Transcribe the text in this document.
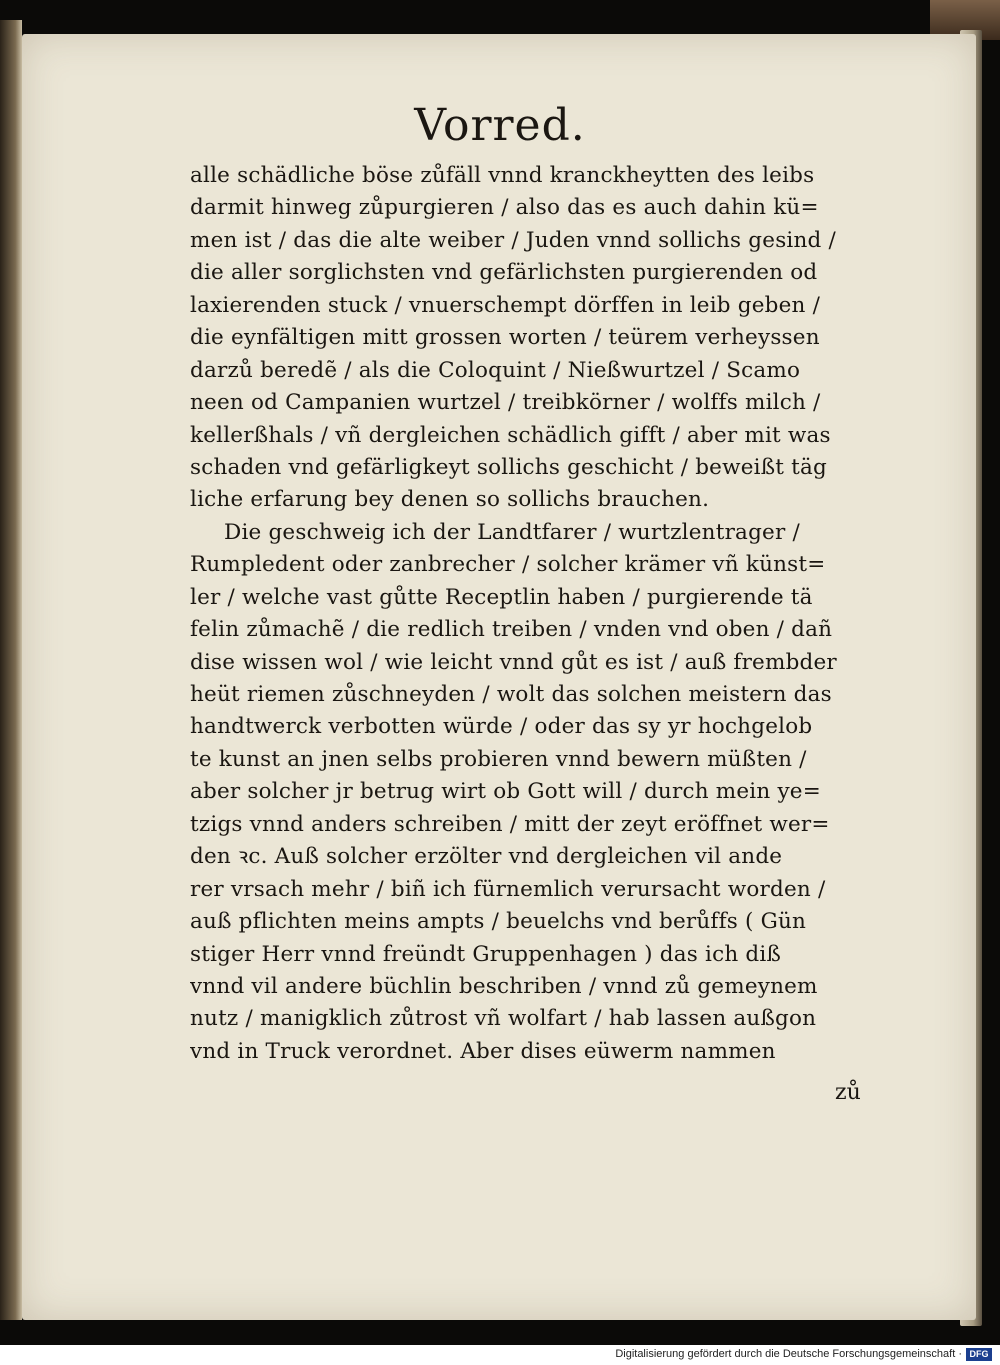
Vorred.
alle schädliche böse zůfäll vnnd kranckheytten des leibs
darmit hinweg zůpurgieren / also das es auch dahin kü=
men ist / das die alte weiber / Juden vnnd sollichs gesind /
die aller sorglichsten vnd gefärlichsten purgierenden od
laxierenden stuck / vnuerschempt dörffen in leib geben /
die eynfältigen mitt grossen worten / teürem verheyssen
darzů beredẽ / als die Coloquint / Nießwurtzel / Scamo
neen od Campanien wurtzel / treibkörner / wolffs milch /
kellerßhals / vñ dergleichen schädlich gifft / aber mit was
schaden vnd gefärligkeyt sollichs geschicht / beweißt täg
liche erfarung bey denen so sollichs brauchen.
Die geschweig ich der Landtfarer / wurtzlentrager /
Rumpledent oder zanbrecher / solcher krämer vñ künst=
ler / welche vast gůtte Receptlin haben / purgierende tä
felin zůmachẽ / die redlich treiben / vnden vnd oben / dañ
dise wissen wol / wie leicht vnnd gůt es ist / auß frembder
heüt riemen zůschneyden / wolt das solchen meistern das
handtwerck verbotten würde / oder das sy yr hochgelob
te kunst an jnen selbs probieren vnnd bewern müßten /
aber solcher jr betrug wirt ob Gott will / durch mein ye=
tzigs vnnd anders schreiben / mitt der zeyt eröffnet wer=
den ꝛc. Auß solcher erzölter vnd dergleichen vil ande
rer vrsach mehr / biñ ich fürnemlich verursacht worden /
auß pflichten meins ampts / beuelchs vnd berůffs ( Gün
stiger Herr vnnd freündt Gruppenhagen ) das ich diß
vnnd vil andere büchlin beschriben / vnnd zů gemeynem
nutz / manigklich zůtrost vñ wolfart / hab lassen außgon
vnd in Truck verordnet. Aber dises eüwerm nammen
zů
Digitalisierung gefördert durch die Deutsche Forschungsgemeinschaft · DFG
